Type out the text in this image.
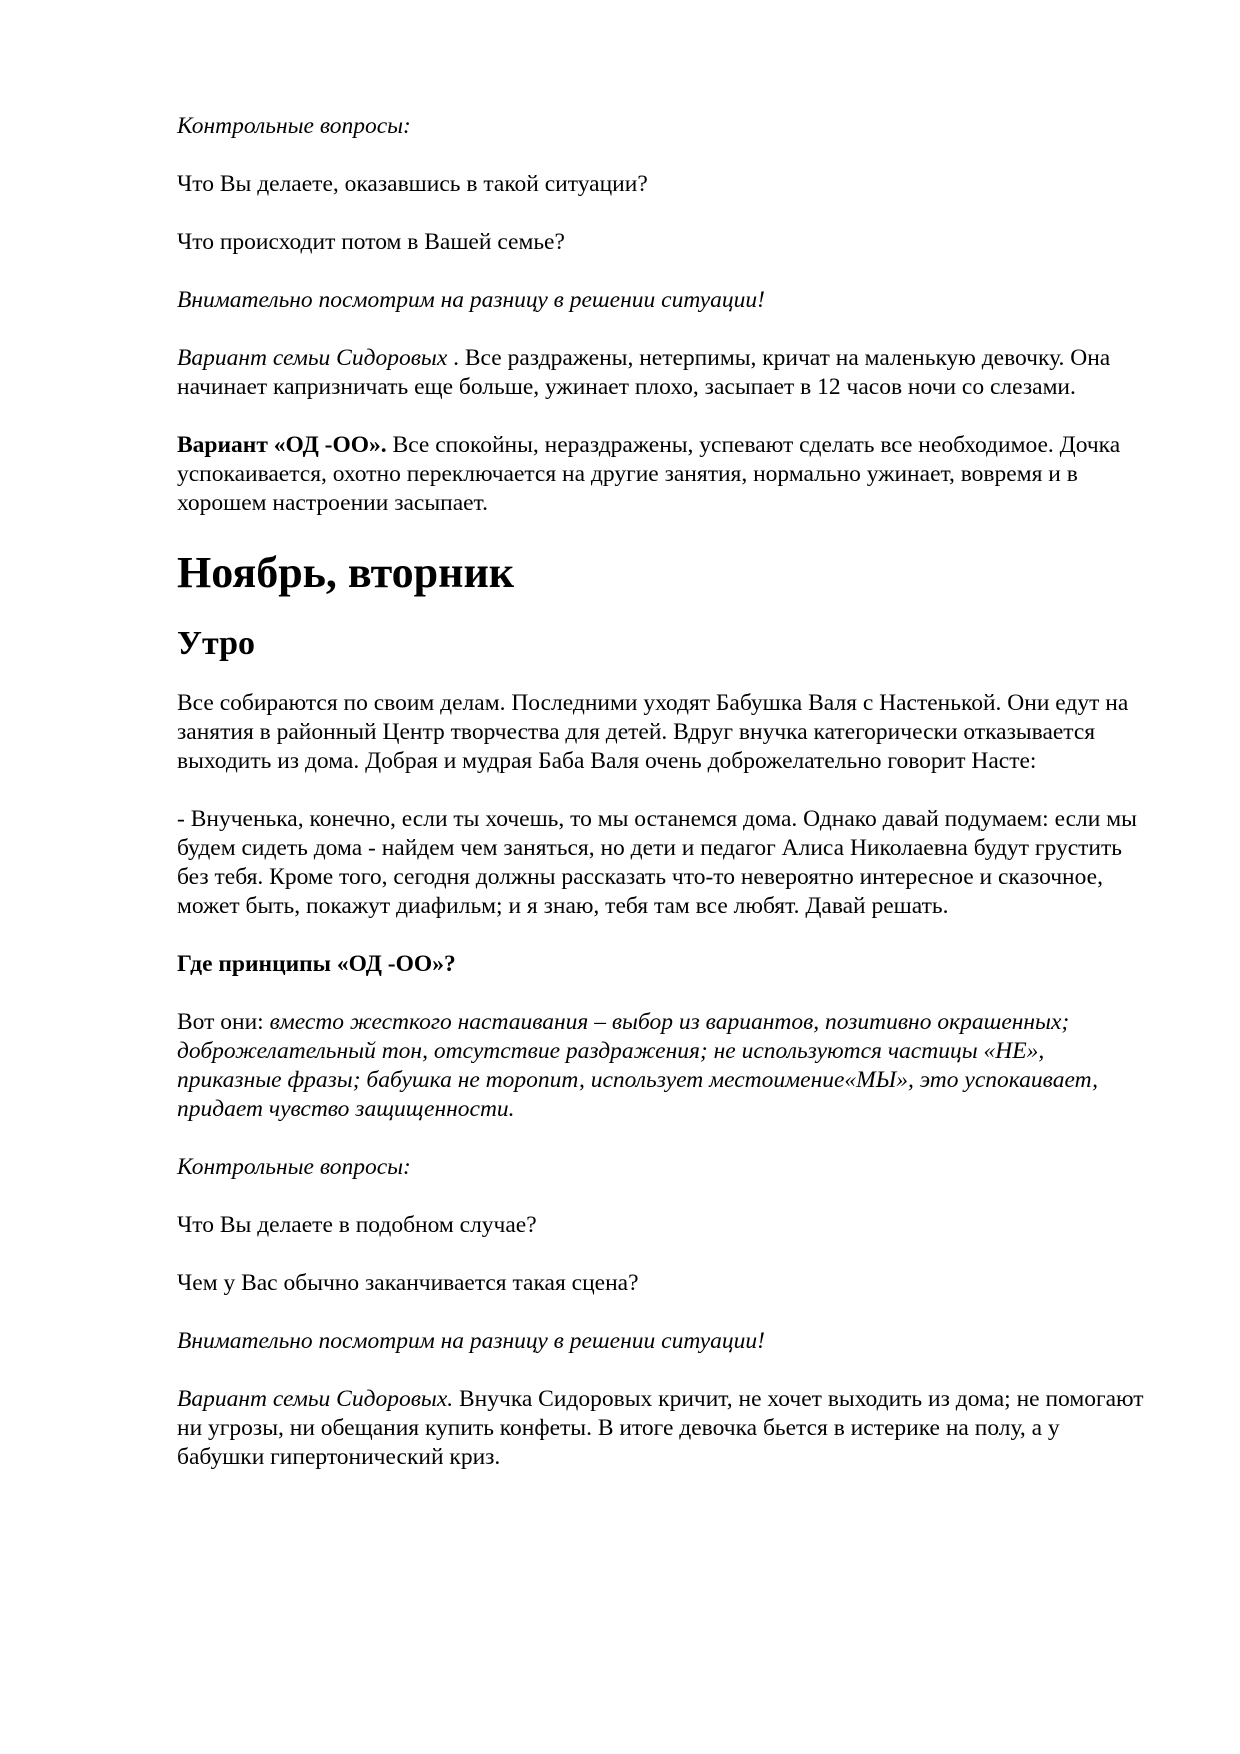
Контрольные вопросы:

Что Вы делаете, оказавшись в такой ситуации?

Что происходит потом в Вашей семье?

Внимательно посмотрим на разницу в решении ситуации!

Вариант семьи Сидоровых . Все раздражены, нетерпимы, кричат на маленькую девочку. Она начинает капризничать еще больше, ужинает плохо, засыпает в 12 часов ночи со слезами.

Вариант «ОД -ОО». Все спокойны, нераздражены, успевают сделать все необходимое. Дочка успокаивается, охотно переключается на другие занятия, нормально ужинает, вовремя и в хорошем настроении засыпает.

Ноябрь, вторник
Утро

Все собираются по своим делам. Последними уходят Бабушка Валя с Настенькой. Они едут на занятия в районный Центр творчества для детей. Вдруг внучка категорически отказывается выходить из дома. Добрая и мудрая Баба Валя очень доброжелательно говорит Насте:

- Внученька, конечно, если ты хочешь, то мы останемся дома. Однако давай подумаем: если мы будем сидеть дома - найдем чем заняться, но дети и педагог Алиса Николаевна будут грустить без тебя. Кроме того, сегодня должны рассказать что-то невероятно интересное и сказочное, может быть, покажут диафильм; и я знаю, тебя там все любят. Давай решать.

Где принципы «ОД -ОО»?

Вот они: вместо жесткого настаивания – выбор из вариантов, позитивно окрашенных; доброжелательный тон, отсутствие раздражения; не используются частицы «НЕ», приказные фразы; бабушка не торопит, использует местоимение«МЫ», это успокаивает, придает чувство защищенности.

Контрольные вопросы:

Что Вы делаете в подобном случае?

Чем у Вас обычно заканчивается такая сцена?

Внимательно посмотрим на разницу в решении ситуации!

Вариант семьи Сидоровых. Внучка Сидоровых кричит, не хочет выходить из дома; не помогают ни угрозы, ни обещания купить конфеты. В итоге девочка бьется в истерике на полу, а у бабушки гипертонический криз.
